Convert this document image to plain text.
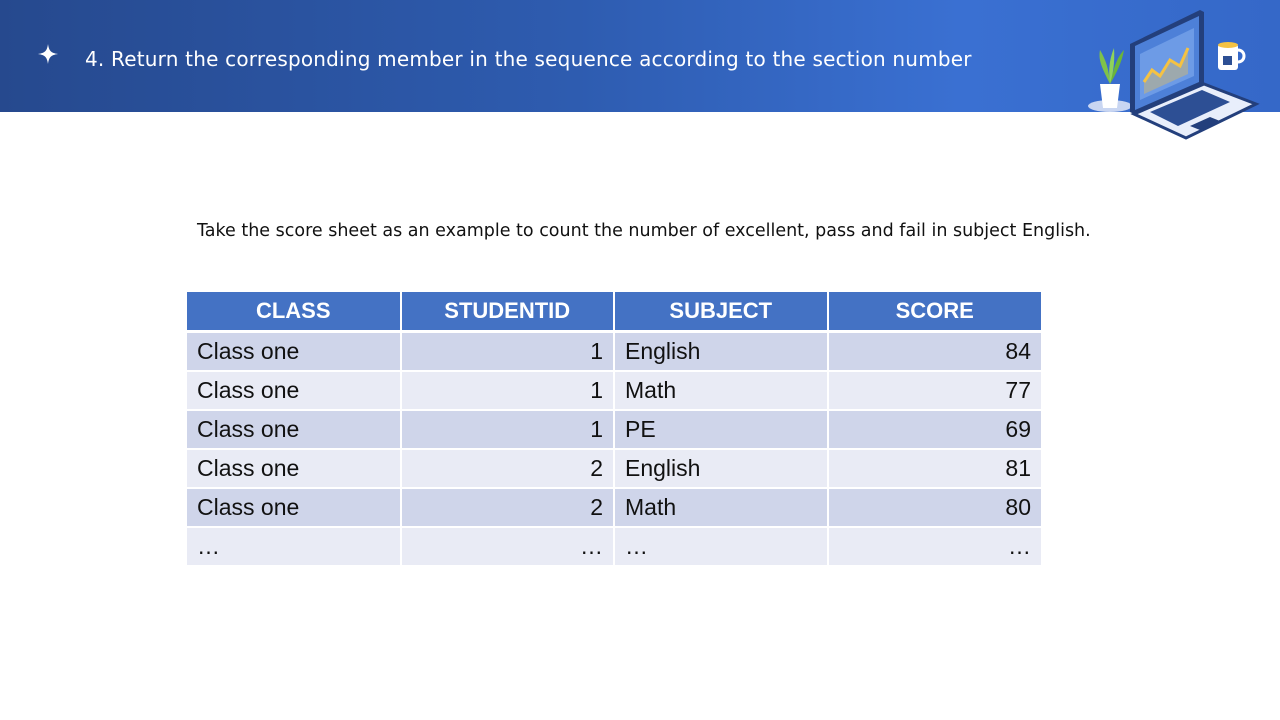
4. Return the corresponding member in the sequence according to the section number
Take the score sheet as an example to count the number of excellent, pass and fail in subject English.
CLASS	STUDENTID	SUBJECT	SCORE
Class one	1	English	84
Class one	1	Math	77
Class one	1	PE	69
Class one	2	English	81
Class one	2	Math	80
…	…	…	…
